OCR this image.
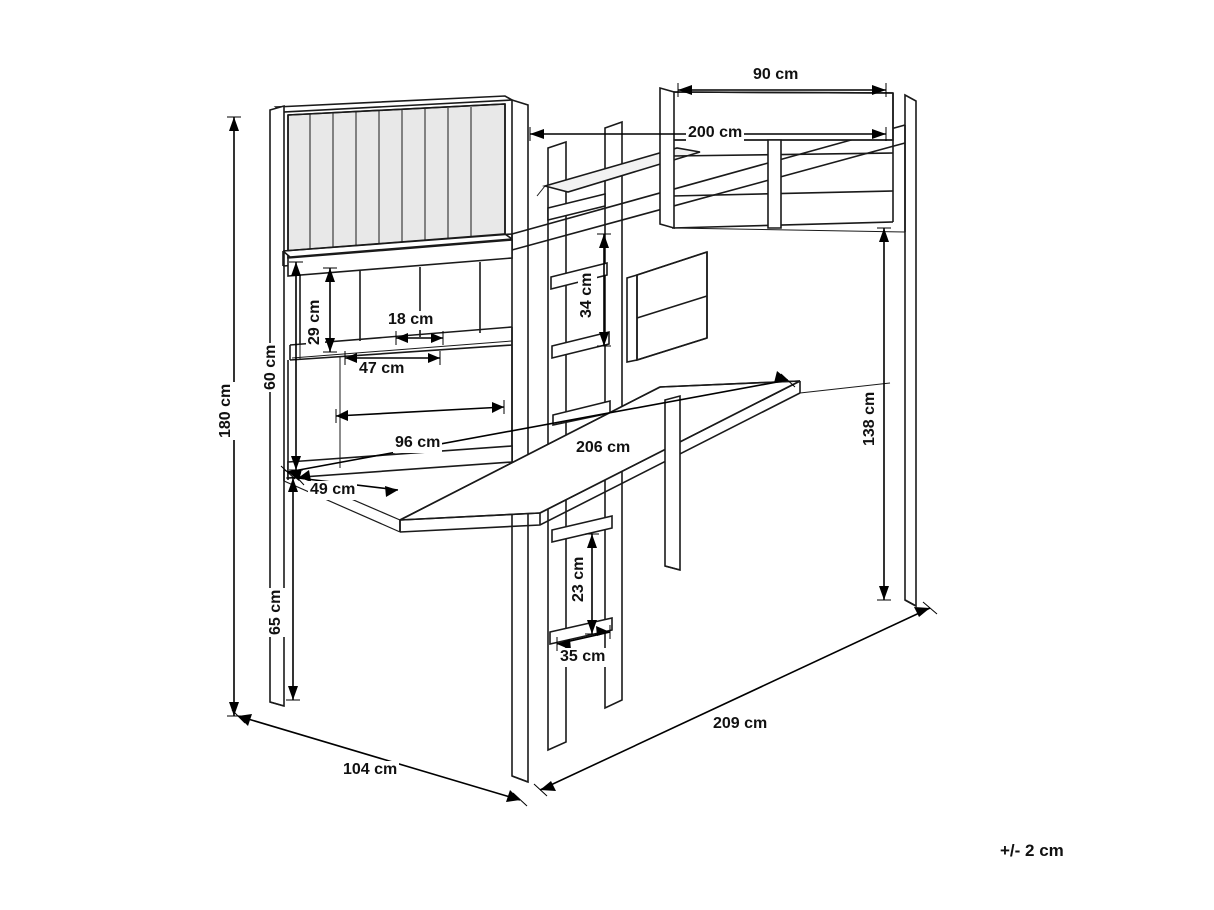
90 cm
200 cm
34 cm
29 cm	18 cm
47 cm
60 cm
180 cm
96 cm	206 cm
138 cm
49 cm
65 cm
23 cm
35 cm
104 cm
209 cm
+/- 2 cm
